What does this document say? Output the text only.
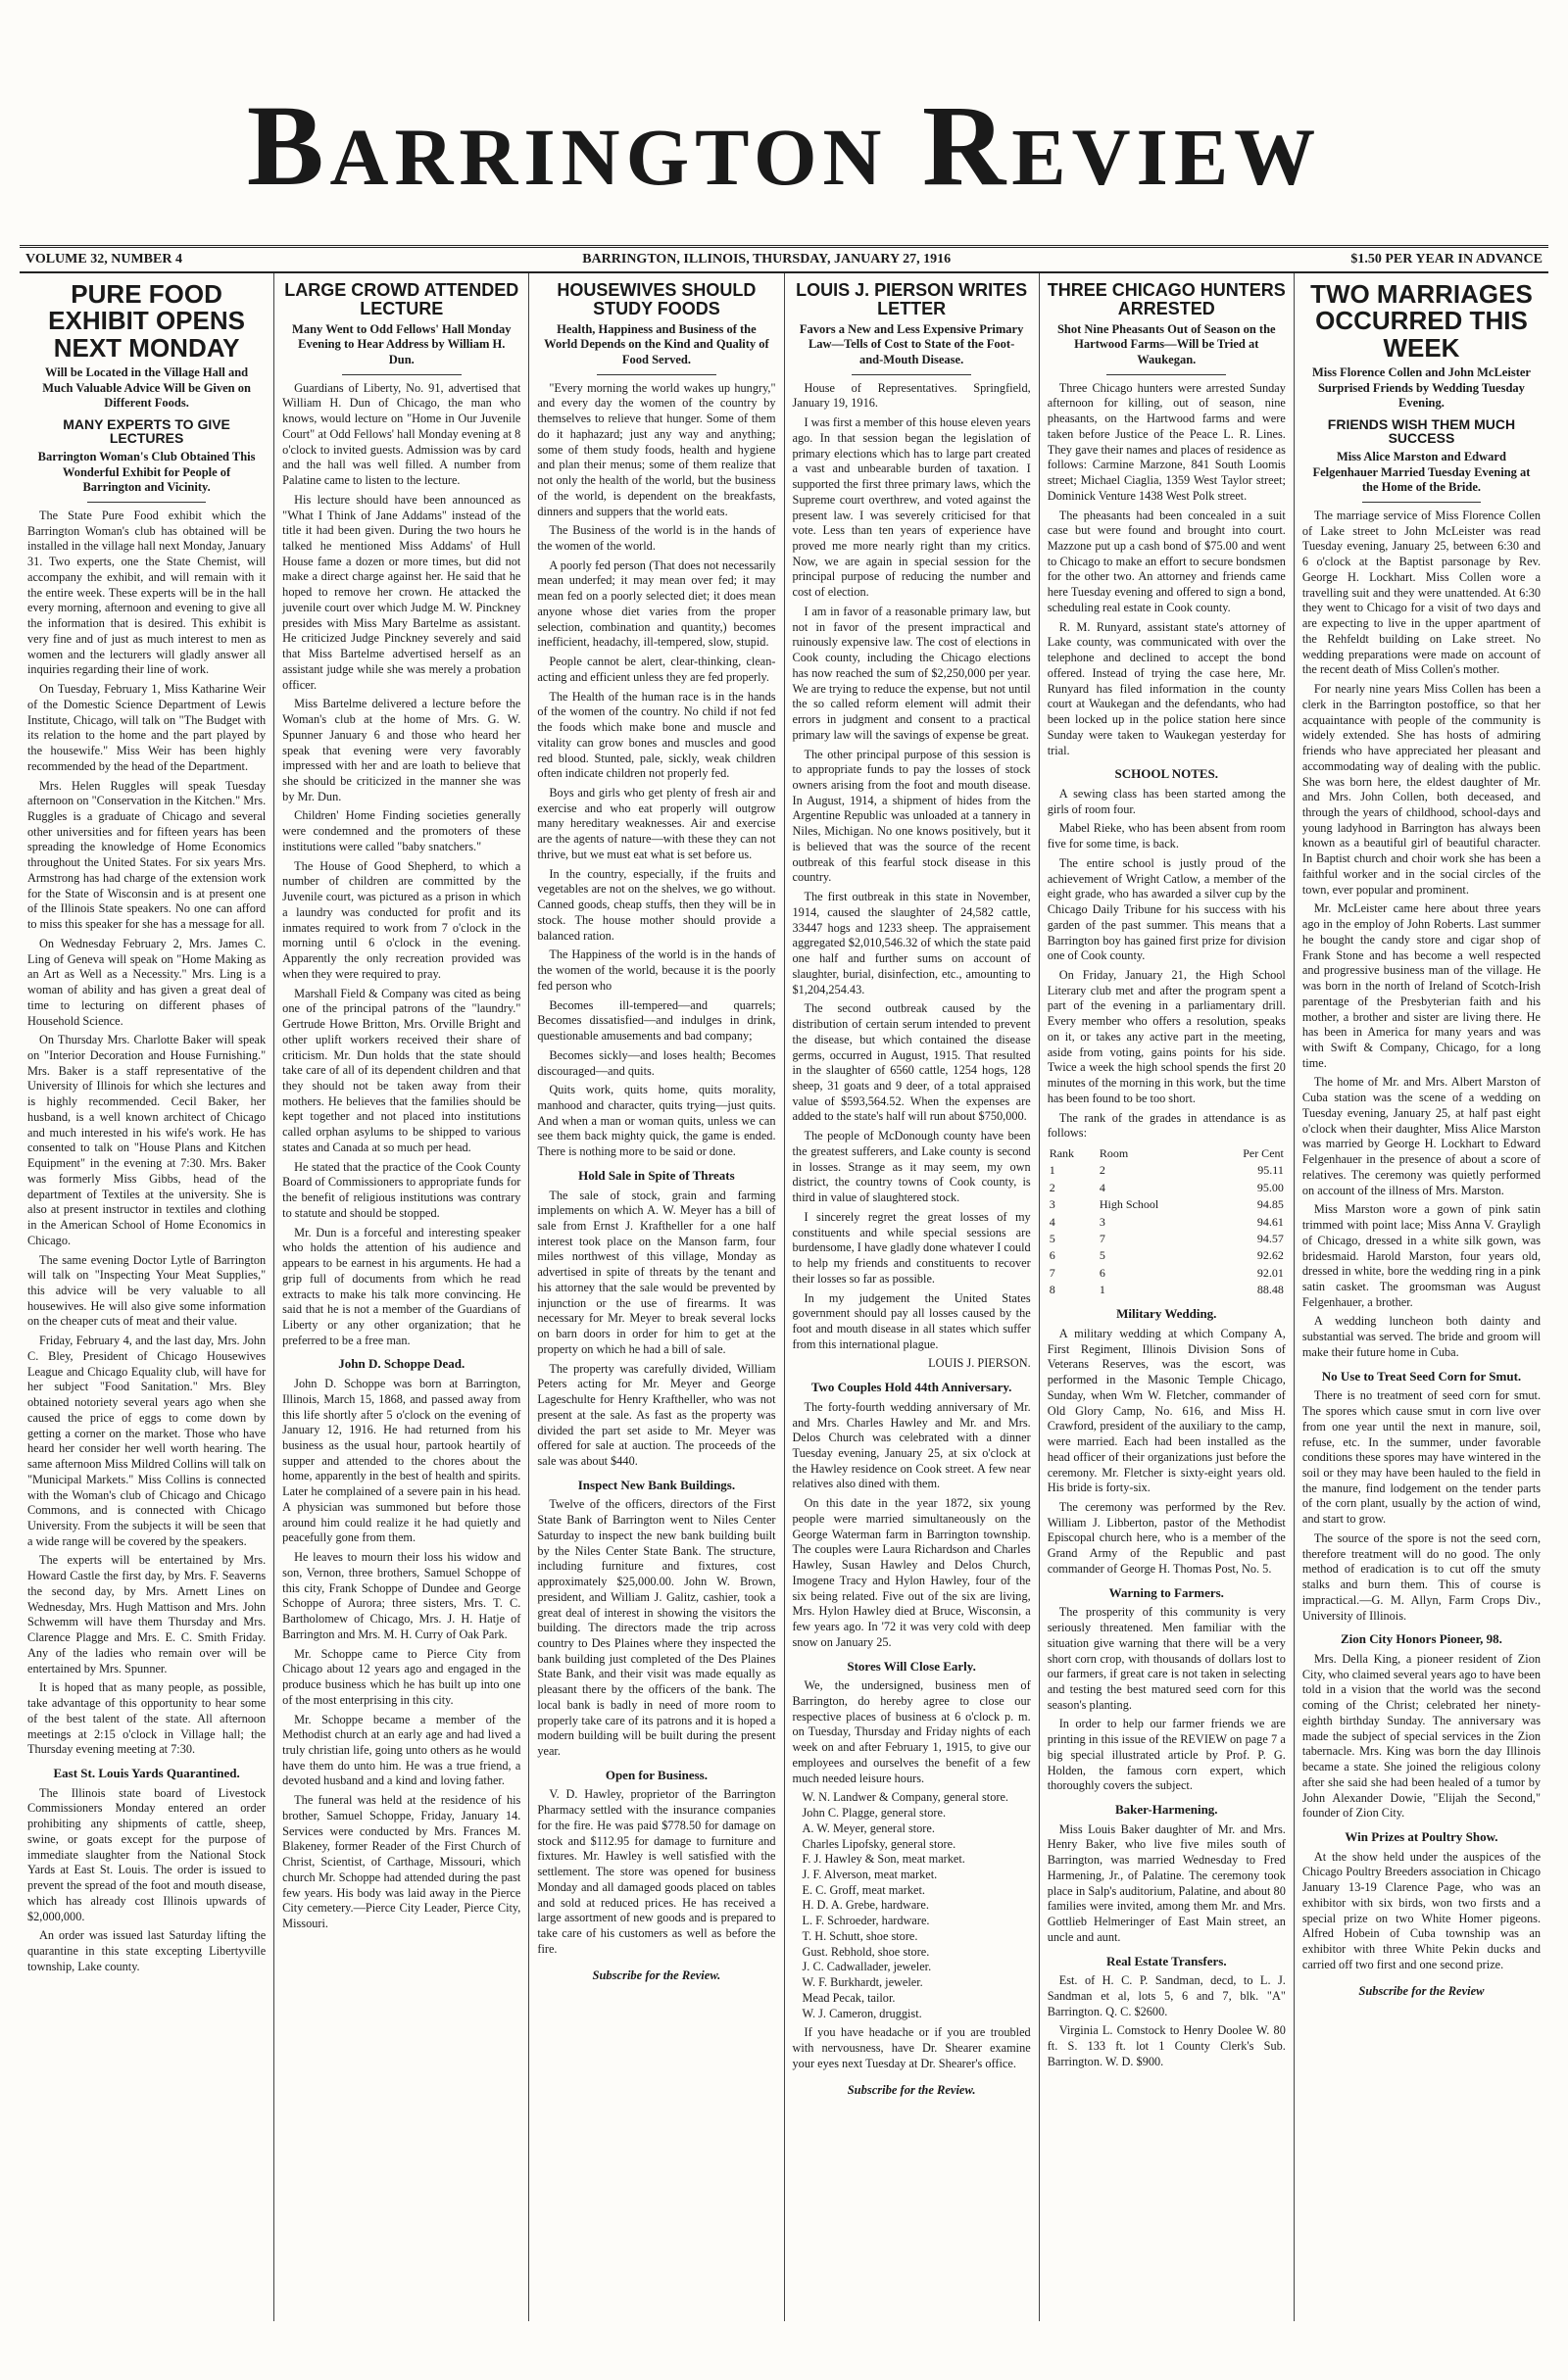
Barrington Review
VOLUME 32, NUMBER 4	BARRINGTON, ILLINOIS, THURSDAY, JANUARY 27, 1916	$1.50 PER YEAR IN ADVANCE
PURE FOOD EXHIBIT OPENS NEXT MONDAY
Will be Located in the Village Hall and Much Valuable Advice Will be Given on Different Foods.
MANY EXPERTS TO GIVE LECTURES
Barrington Woman's Club Obtained This Wonderful Exhibit for People of Barrington and Vicinity.

The State Pure Food exhibit which the Barrington Woman's club has obtained will be installed in the village hall next Monday, January 31. Two experts, one the State Chemist, will accompany the exhibit, and will remain with it the entire week. These experts will be in the hall every morning, afternoon and evening to give all the information that is desired. This exhibit is very fine and of just as much interest to men as women and the lecturers will gladly answer all inquiries regarding their line of work.

On Tuesday, February 1, Miss Katharine Weir of the Domestic Science Department of Lewis Institute, Chicago, will talk on "The Budget with its relation to the home and the part played by the housewife." Miss Weir has been highly recommended by the head of the Department.

Mrs. Helen Ruggles will speak Tuesday afternoon on "Conservation in the Kitchen." Mrs. Ruggles is a graduate of Chicago and several other universities and for fifteen years has been spreading the knowledge of Home Economics throughout the United States. For six years Mrs. Armstrong has had charge of the extension work for the State of Wisconsin and is at present one of the Illinois State speakers. No one can afford to miss this speaker for she has a message for all.

On Wednesday February 2, Mrs. James C. Ling of Geneva will speak on "Home Making as an Art as Well as a Necessity." Mrs. Ling is a woman of ability and has given a great deal of time to lecturing on different phases of Household Science.

On Thursday Mrs. Charlotte Baker will speak on "Interior Decoration and House Furnishing." Mrs. Baker is a staff representative of the University of Illinois for which she lectures and is highly recommended. Cecil Baker, her husband, is a well known architect of Chicago and much interested in his wife's work. He has consented to talk on "House Plans and Kitchen Equipment" in the evening at 7:30. Mrs. Baker was formerly Miss Gibbs, head of the department of Textiles at the university. She is also at present instructor in textiles and clothing in the American School of Home Economics in Chicago.

The same evening Doctor Lytle of Barrington will talk on "Inspecting Your Meat Supplies," this advice will be very valuable to all housewives. He will also give some information on the cheaper cuts of meat and their value.

Friday, February 4, and the last day, Mrs. John C. Bley, President of Chicago Housewives League and Chicago Equality club, will have for her subject "Food Sanitation." Mrs. Bley obtained notoriety several years ago when she caused the price of eggs to come down by getting a corner on the market. Those who have heard her consider her well worth hearing. The same afternoon Miss Mildred Collins will talk on "Municipal Markets." Miss Collins is connected with the Woman's club of Chicago and Chicago Commons, and is connected with Chicago University. From the subjects it will be seen that a wide range will be covered by the speakers.

The experts will be entertained by Mrs. Howard Castle the first day, by Mrs. F. Seaverns the second day, by Mrs. Arnett Lines on Wednesday, Mrs. Hugh Mattison and Mrs. John Schwemm will have them Thursday and Mrs. Clarence Plagge and Mrs. E. C. Smith Friday. Any of the ladies who remain over will be entertained by Mrs. Spunner.

It is hoped that as many people, as possible, take advantage of this opportunity to hear some of the best talent of the state. All afternoon meetings at 2:15 o'clock in Village hall; the Thursday evening meeting at 7:30.

East St. Louis Yards Quarantined.

The Illinois state board of Livestock Commissioners Monday entered an order prohibiting any shipments of cattle, sheep, swine, or goats except for the purpose of immediate slaughter from the National Stock Yards at East St. Louis. The order is issued to prevent the spread of the foot and mouth disease, which has already cost Illinois upwards of $2,000,000.

An order was issued last Saturday lifting the quarantine in this state excepting Libertyville township, Lake county.

LARGE CROWD ATTENDED LECTURE
Many Went to Odd Fellows' Hall Monday Evening to Hear Address by William H. Dun.

Guardians of Liberty, No. 91, advertised that William H. Dun of Chicago, the man who knows, would lecture on "Home in Our Juvenile Court" at Odd Fellows' hall Monday evening at 8 o'clock to invited guests. Admission was by card and the hall was well filled. A number from Palatine came to listen to the lecture.

His lecture should have been announced as "What I Think of Jane Addams" instead of the title it had been given. During the two hours he talked he mentioned Miss Addams' of Hull House fame a dozen or more times, but did not make a direct charge against her. He said that he hoped to remove her crown. He attacked the juvenile court over which Judge M. W. Pinckney presides with Miss Mary Bartelme as assistant. He criticized Judge Pinckney severely and said that Miss Bartelme advertised herself as an assistant judge while she was merely a probation officer.

Miss Bartelme delivered a lecture before the Woman's club at the home of Mrs. G. W. Spunner January 6 and those who heard her speak that evening were very favorably impressed with her and are loath to believe that she should be criticized in the manner she was by Mr. Dun.

Children' Home Finding societies generally were condemned and the promoters of these institutions were called "baby snatchers."

The House of Good Shepherd, to which a number of children are committed by the Juvenile court, was pictured as a prison in which a laundry was conducted for profit and its inmates required to work from 7 o'clock in the morning until 6 o'clock in the evening. Apparently the only recreation provided was when they were required to pray.

Marshall Field & Company was cited as being one of the principal patrons of the "laundry." Gertrude Howe Britton, Mrs. Orville Bright and other uplift workers received their share of criticism. Mr. Dun holds that the state should take care of all of its dependent children and that they should not be taken away from their mothers. He believes that the families should be kept together and not placed into institutions called orphan asylums to be shipped to various states and Canada at so much per head.

He stated that the practice of the Cook County Board of Commissioners to appropriate funds for the benefit of religious institutions was contrary to statute and should be stopped.

Mr. Dun is a forceful and interesting speaker who holds the attention of his audience and appears to be earnest in his arguments. He had a grip full of documents from which he read extracts to make his talk more convincing. He said that he is not a member of the Guardians of Liberty or any other organization; that he preferred to be a free man.

John D. Schoppe Dead.

John D. Schoppe was born at Barrington, Illinois, March 15, 1868, and passed away from this life shortly after 5 o'clock on the evening of January 12, 1916. He had returned from his business as the usual hour, partook heartily of supper and attended to the chores about the home, apparently in the best of health and spirits. Later he complained of a severe pain in his head. A physician was summoned but before those around him could realize it he had quietly and peacefully gone from them.

He leaves to mourn their loss his widow and son, Vernon, three brothers, Samuel Schoppe of this city, Frank Schoppe of Dundee and George Schoppe of Aurora; three sisters, Mrs. T. C. Bartholomew of Chicago, Mrs. J. H. Hatje of Barrington and Mrs. M. H. Curry of Oak Park.

Mr. Schoppe came to Pierce City from Chicago about 12 years ago and engaged in the produce business which he has built up into one of the most enterprising in this city.

Mr. Schoppe became a member of the Methodist church at an early age and had lived a truly christian life, going unto others as he would have them do unto him. He was a true friend, a devoted husband and a kind and loving father.

The funeral was held at the residence of his brother, Samuel Schoppe, Friday, January 14. Services were conducted by Mrs. Frances M. Blakeney, former Reader of the First Church of Christ, Scientist, of Carthage, Missouri, which church Mr. Schoppe had attended during the past few years. His body was laid away in the Pierce City cemetery.—Pierce City Leader, Pierce City, Missouri.

HOUSEWIVES SHOULD STUDY FOODS
Health, Happiness and Business of the World Depends on the Kind and Quality of Food Served.

"Every morning the world wakes up hungry," and every day the women of the country by themselves to relieve that hunger. Some of them do it haphazard; just any way and anything; some of them study foods, health and hygiene and plan their menus; some of them realize that not only the health of the world, but the business of the world, is dependent on the breakfasts, dinners and suppers that the world eats.

The Business of the world is in the hands of the women of the world.

A poorly fed person (That does not necessarily mean underfed; it may mean over fed; it may mean fed on a poorly selected diet; it does mean anyone whose diet varies from the proper selection, combination and quantity,) becomes inefficient, headachy, ill-tempered, slow, stupid.

People cannot be alert, clear-thinking, clean-acting and efficient unless they are fed properly.

The Health of the human race is in the hands of the women of the country. No child if not fed the foods which make bone and muscle and vitality can grow bones and muscles and good red blood. Stunted, pale, sickly, weak children often indicate children not properly fed.

Boys and girls who get plenty of fresh air and exercise and who eat properly will outgrow many hereditary weaknesses. Air and exercise are the agents of nature—with these they can not thrive, but we must eat what is set before us.

In the country, especially, if the fruits and vegetables are not on the shelves, we go without. Canned goods, cheap stuffs, then they will be in stock. The house mother should provide a balanced ration.

The Happiness of the world is in the hands of the women of the world, because it is the poorly fed person who

Becomes ill-tempered—and quarrels; Becomes dissatisfied—and indulges in drink, questionable amusements and bad company;

Becomes sickly—and loses health; Becomes discouraged—and quits.

Quits work, quits home, quits morality, manhood and character, quits trying—just quits. And when a man or woman quits, unless we can see them back mighty quick, the game is ended. There is nothing more to be said or done.

Hold Sale in Spite of Threats

The sale of stock, grain and farming implements on which A. W. Meyer has a bill of sale from Ernst J. Kraftheller for a one half interest took place on the Manson farm, four miles northwest of this village, Monday as advertised in spite of threats by the tenant and his attorney that the sale would be prevented by injunction or the use of firearms. It was necessary for Mr. Meyer to break several locks on barn doors in order for him to get at the property on which he had a bill of sale.

The property was carefully divided, William Peters acting for Mr. Meyer and George Lageschulte for Henry Kraftheller, who was not present at the sale. As fast as the property was divided the part set aside to Mr. Meyer was offered for sale at auction. The proceeds of the sale was about $440.

Inspect New Bank Buildings.

Twelve of the officers, directors of the First State Bank of Barrington went to Niles Center Saturday to inspect the new bank building built by the Niles Center State Bank. The structure, including furniture and fixtures, cost approximately $25,000.00. John W. Brown, president, and William J. Galitz, cashier, took a great deal of interest in showing the visitors the building. The directors made the trip across country to Des Plaines where they inspected the bank building just completed of the Des Plaines State Bank, and their visit was made equally as pleasant there by the officers of the bank. The local bank is badly in need of more room to properly take care of its patrons and it is hoped a modern building will be built during the present year.

Open for Business.

V. D. Hawley, proprietor of the Barrington Pharmacy settled with the insurance companies for the fire. He was paid $778.50 for damage on stock and $112.95 for damage to furniture and fixtures. Mr. Hawley is well satisfied with the settlement. The store was opened for business Monday and all damaged goods placed on tables and sold at reduced prices. He has received a large assortment of new goods and is prepared to take care of his customers as well as before the fire.

Subscribe for the Review.
LOUIS J. PIERSON WRITES LETTER
Favors a New and Less Expensive Primary Law—Tells of Cost to State of the Foot-and-Mouth Disease.

House of Representatives. Springfield, January 19, 1916.

I was first a member of this house eleven years ago. In that session began the legislation of primary elections which has to large part created a vast and unbearable burden of taxation. I supported the first three primary laws, which the Supreme court overthrew, and voted against the present law. I was severely criticised for that vote. Less than ten years of experience have proved me more nearly right than my critics. Now, we are again in special session for the principal purpose of reducing the number and cost of election.

I am in favor of a reasonable primary law, but not in favor of the present impractical and ruinously expensive law. The cost of elections in Cook county, including the Chicago elections has now reached the sum of $2,250,000 per year. We are trying to reduce the expense, but not until the so called reform element will admit their errors in judgment and consent to a practical primary law will the savings of expense be great.

The other principal purpose of this session is to appropriate funds to pay the losses of stock owners arising from the foot and mouth disease. In August, 1914, a shipment of hides from the Argentine Republic was unloaded at a tannery in Niles, Michigan. No one knows positively, but it is believed that was the source of the recent outbreak of this fearful stock disease in this country.

The first outbreak in this state in November, 1914, caused the slaughter of 24,582 cattle, 33447 hogs and 1233 sheep. The appraisement aggregated $2,010,546.32 of which the state paid one half and further sums on account of slaughter, burial, disinfection, etc., amounting to $1,204,254.43.

The second outbreak caused by the distribution of certain serum intended to prevent the disease, but which contained the disease germs, occurred in August, 1915. That resulted in the slaughter of 6560 cattle, 1254 hogs, 128 sheep, 31 goats and 9 deer, of a total appraised value of $593,564.52. When the expenses are added to the state's half will run about $750,000.

The people of McDonough county have been the greatest sufferers, and Lake county is second in losses. Strange as it may seem, my own district, the country towns of Cook county, is third in value of slaughtered stock.

I sincerely regret the great losses of my constituents and while special sessions are burdensome, I have gladly done whatever I could to help my friends and constituents to recover their losses so far as possible.

In my judgement the United States government should pay all losses caused by the foot and mouth disease in all states which suffer from this international plague.

LOUIS J. PIERSON.
Two Couples Hold 44th Anniversary.

The forty-fourth wedding anniversary of Mr. and Mrs. Charles Hawley and Mr. and Mrs. Delos Church was celebrated with a dinner Tuesday evening, January 25, at six o'clock at the Hawley residence on Cook street. A few near relatives also dined with them.

On this date in the year 1872, six young people were married simultaneously on the George Waterman farm in Barrington township. The couples were Laura Richardson and Charles Hawley, Susan Hawley and Delos Church, Imogene Tracy and Hylon Hawley, four of the six being related. Five out of the six are living, Mrs. Hylon Hawley died at Bruce, Wisconsin, a few years ago. In '72 it was very cold with deep snow on January 25.

Stores Will Close Early.

We, the undersigned, business men of Barrington, do hereby agree to close our respective places of business at 6 o'clock p. m. on Tuesday, Thursday and Friday nights of each week on and after February 1, 1915, to give our employees and ourselves the benefit of a few much needed leisure hours.

W. N. Landwer & Company, general store.
John C. Plagge, general store.
A. W. Meyer, general store.
Charles Lipofsky, general store.
F. J. Hawley & Son, meat market.
J. F. Alverson, meat market.
E. C. Groff, meat market.
H. D. A. Grebe, hardware.
L. F. Schroeder, hardware.
T. H. Schutt, shoe store.
Gust. Rebhold, shoe store.
J. C. Cadwallader, jeweler.
W. F. Burkhardt, jeweler.
Mead Pecak, tailor.
W. J. Cameron, druggist.

If you have headache or if you are troubled with nervousness, have Dr. Shearer examine your eyes next Tuesday at Dr. Shearer's office.

Subscribe for the Review.
THREE CHICAGO HUNTERS ARRESTED
Shot Nine Pheasants Out of Season on the Hartwood Farms—Will be Tried at Waukegan.

Three Chicago hunters were arrested Sunday afternoon for killing, out of season, nine pheasants, on the Hartwood farms and were taken before Justice of the Peace L. R. Lines. They gave their names and places of residence as follows: Carmine Marzone, 841 South Loomis street; Michael Ciaglia, 1359 West Taylor street; Dominick Venture 1438 West Polk street.

The pheasants had been concealed in a suit case but were found and brought into court. Mazzone put up a cash bond of $75.00 and went to Chicago to make an effort to secure bondsmen for the other two. An attorney and friends came here Tuesday evening and offered to sign a bond, scheduling real estate in Cook county.

R. M. Runyard, assistant state's attorney of Lake county, was communicated with over the telephone and declined to accept the bond offered. Instead of trying the case here, Mr. Runyard has filed information in the county court at Waukegan and the defendants, who had been locked up in the police station here since Sunday were taken to Waukegan yesterday for trial.

SCHOOL NOTES.

A sewing class has been started among the girls of room four.

Mabel Rieke, who has been absent from room five for some time, is back.

The entire school is justly proud of the achievement of Wright Catlow, a member of the eight grade, who has awarded a silver cup by the Chicago Daily Tribune for his success with his garden of the past summer. This means that a Barrington boy has gained first prize for division one of Cook county.

On Friday, January 21, the High School Literary club met and after the program spent a part of the evening in a parliamentary drill. Every member who offers a resolution, speaks on it, or takes any active part in the meeting, aside from voting, gains points for his side. Twice a week the high school spends the first 20 minutes of the morning in this work, but the time has been found to be too short.

The rank of the grades in attendance is as follows:

Rank	Room	Per Cent
1	2	95.11
2	4	95.00
3	High School	94.85
4	3	94.61
5	7	94.57
6	5	92.62
7	6	92.01
8	1	88.48
Military Wedding.

A military wedding at which Company A, First Regiment, Illinois Division Sons of Veterans Reserves, was the escort, was performed in the Masonic Temple Chicago, Sunday, when Wm W. Fletcher, commander of Old Glory Camp, No. 616, and Miss H. Crawford, president of the auxiliary to the camp, were married. Each had been installed as the head officer of their organizations just before the ceremony. Mr. Fletcher is sixty-eight years old. His bride is forty-six.

The ceremony was performed by the Rev. William J. Libberton, pastor of the Methodist Episcopal church here, who is a member of the Grand Army of the Republic and past commander of George H. Thomas Post, No. 5.

Warning to Farmers.

The prosperity of this community is very seriously threatened. Men familiar with the situation give warning that there will be a very short corn crop, with thousands of dollars lost to our farmers, if great care is not taken in selecting and testing the best matured seed corn for this season's planting.

In order to help our farmer friends we are printing in this issue of the REVIEW on page 7 a big special illustrated article by Prof. P. G. Holden, the famous corn expert, which thoroughly covers the subject.

Baker-Harmening.

Miss Louis Baker daughter of Mr. and Mrs. Henry Baker, who live five miles south of Barrington, was married Wednesday to Fred Harmening, Jr., of Palatine. The ceremony took place in Salp's auditorium, Palatine, and about 80 families were invited, among them Mr. and Mrs. Gottlieb Helmeringer of East Main street, an uncle and aunt.

Real Estate Transfers.

Est. of H. C. P. Sandman, decd, to L. J. Sandman et al, lots 5, 6 and 7, blk. "A" Barrington. Q. C. $2600.

Virginia L. Comstock to Henry Doolee W. 80 ft. S. 133 ft. lot 1 County Clerk's Sub. Barrington. W. D. $900.

TWO MARRIAGES OCCURRED THIS WEEK
Miss Florence Collen and John McLeister Surprised Friends by Wedding Tuesday Evening.
FRIENDS WISH THEM MUCH SUCCESS
Miss Alice Marston and Edward Felgenhauer Married Tuesday Evening at the Home of the Bride.

The marriage service of Miss Florence Collen of Lake street to John McLeister was read Tuesday evening, January 25, between 6:30 and 6 o'clock at the Baptist parsonage by Rev. George H. Lockhart. Miss Collen wore a travelling suit and they were unattended. At 6:30 they went to Chicago for a visit of two days and are expecting to live in the upper apartment of the Rehfeldt building on Lake street. No wedding preparations were made on account of the recent death of Miss Collen's mother.

For nearly nine years Miss Collen has been a clerk in the Barrington postoffice, so that her acquaintance with people of the community is widely extended. She has hosts of admiring friends who have appreciated her pleasant and accommodating way of dealing with the public. She was born here, the eldest daughter of Mr. and Mrs. John Collen, both deceased, and through the years of childhood, school-days and young ladyhood in Barrington has always been known as a beautiful girl of beautiful character. In Baptist church and choir work she has been a faithful worker and in the social circles of the town, ever popular and prominent.

Mr. McLeister came here about three years ago in the employ of John Roberts. Last summer he bought the candy store and cigar shop of Frank Stone and has become a well respected and progressive business man of the village. He was born in the north of Ireland of Scotch-Irish parentage of the Presbyterian faith and his mother, a brother and sister are living there. He has been in America for many years and was with Swift & Company, Chicago, for a long time.

The home of Mr. and Mrs. Albert Marston of Cuba station was the scene of a wedding on Tuesday evening, January 25, at half past eight o'clock when their daughter, Miss Alice Marston was married by George H. Lockhart to Edward Felgenhauer in the presence of about a score of relatives. The ceremony was quietly performed on account of the illness of Mrs. Marston.

Miss Marston wore a gown of pink satin trimmed with point lace; Miss Anna V. Grayligh of Chicago, dressed in a white silk gown, was bridesmaid. Harold Marston, four years old, dressed in white, bore the wedding ring in a pink satin casket. The groomsman was August Felgenhauer, a brother.

A wedding luncheon both dainty and substantial was served. The bride and groom will make their future home in Cuba.

No Use to Treat Seed Corn for Smut.

There is no treatment of seed corn for smut. The spores which cause smut in corn live over from one year until the next in manure, soil, refuse, etc. In the summer, under favorable conditions these spores may have wintered in the soil or they may have been hauled to the field in the manure, find lodgement on the tender parts of the corn plant, usually by the action of wind, and start to grow.

The source of the spore is not the seed corn, therefore treatment will do no good. The only method of eradication is to cut off the smuty stalks and burn them. This of course is impractical.—G. M. Allyn, Farm Crops Div., University of Illinois.

Zion City Honors Pioneer, 98.

Mrs. Della King, a pioneer resident of Zion City, who claimed several years ago to have been told in a vision that the world was the second coming of the Christ; celebrated her ninety-eighth birthday Sunday. The anniversary was made the subject of special services in the Zion tabernacle. Mrs. King was born the day Illinois became a state. She joined the religious colony after she said she had been healed of a tumor by John Alexander Dowie, "Elijah the Second," founder of Zion City.

Win Prizes at Poultry Show.

At the show held under the auspices of the Chicago Poultry Breeders association in Chicago January 13-19 Clarence Page, who was an exhibitor with six birds, won two firsts and a special prize on two White Homer pigeons. Alfred Hobein of Cuba township was an exhibitor with three White Pekin ducks and carried off two first and one second prize.

Subscribe for the Review
